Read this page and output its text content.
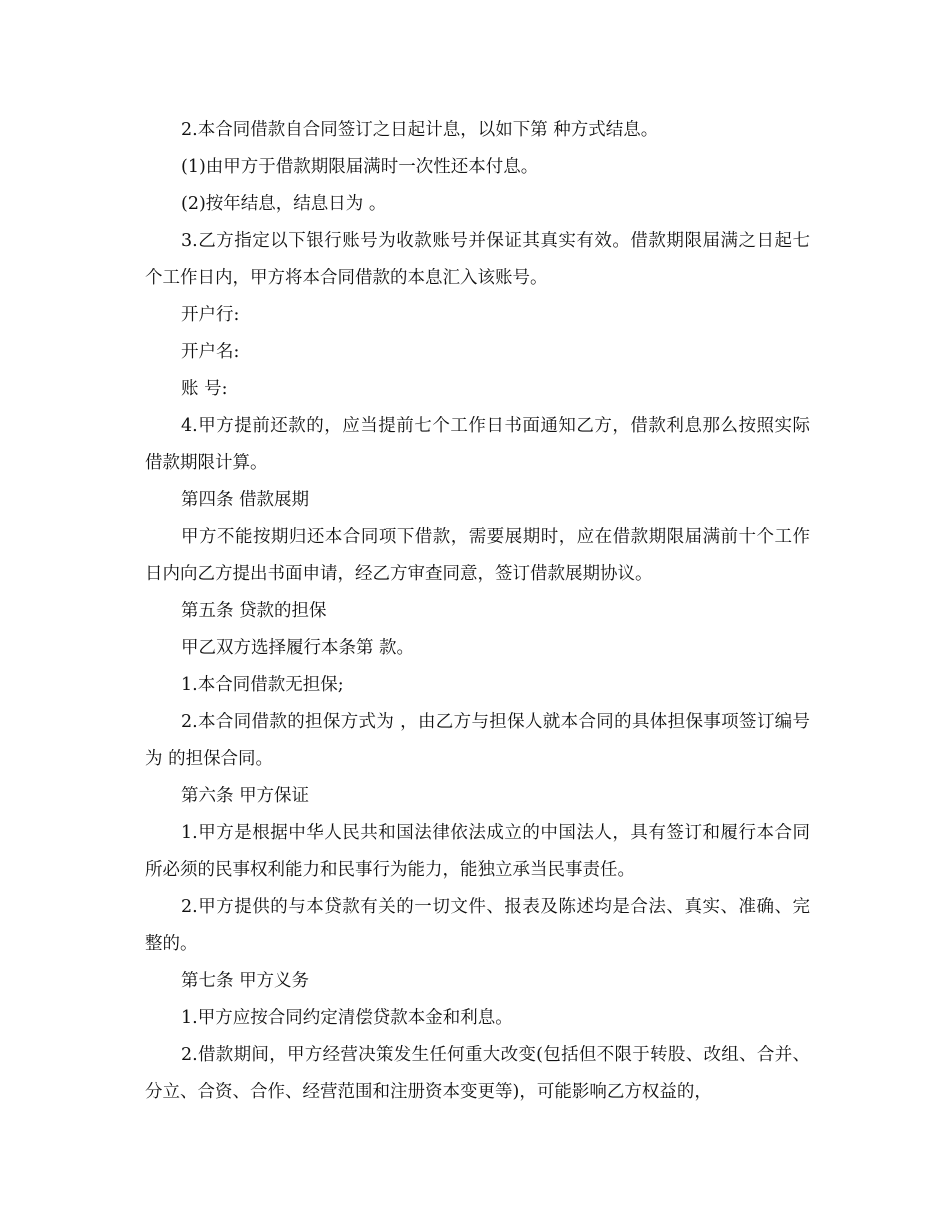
2.本合同借款自合同签订之日起计息，以如下第 种方式结息。

(1)由甲方于借款期限届满时一次性还本付息。

(2)按年结息，结息日为 。

3.乙方指定以下银行账号为收款账号并保证其真实有效。借款期限届满之日起七个工作日内，甲方将本合同借款的本息汇入该账号。

开户行:

开户名:

账 号:

4.甲方提前还款的，应当提前七个工作日书面通知乙方，借款利息那么按照实际借款期限计算。

第四条 借款展期

甲方不能按期归还本合同项下借款，需要展期时，应在借款期限届满前十个工作日内向乙方提出书面申请，经乙方审查同意，签订借款展期协议。

第五条 贷款的担保

甲乙双方选择履行本条第 款。

1.本合同借款无担保;

2.本合同借款的担保方式为 ，由乙方与担保人就本合同的具体担保事项签订编号为 的担保合同。

第六条 甲方保证

1.甲方是根据中华人民共和国法律依法成立的中国法人，具有签订和履行本合同所必须的民事权利能力和民事行为能力，能独立承当民事责任。

2.甲方提供的与本贷款有关的一切文件、报表及陈述均是合法、真实、准确、完整的。

第七条 甲方义务

1.甲方应按合同约定清偿贷款本金和利息。

2.借款期间，甲方经营决策发生任何重大改变(包括但不限于转股、改组、合并、分立、合资、合作、经营范围和注册资本变更等)，可能影响乙方权益的，
